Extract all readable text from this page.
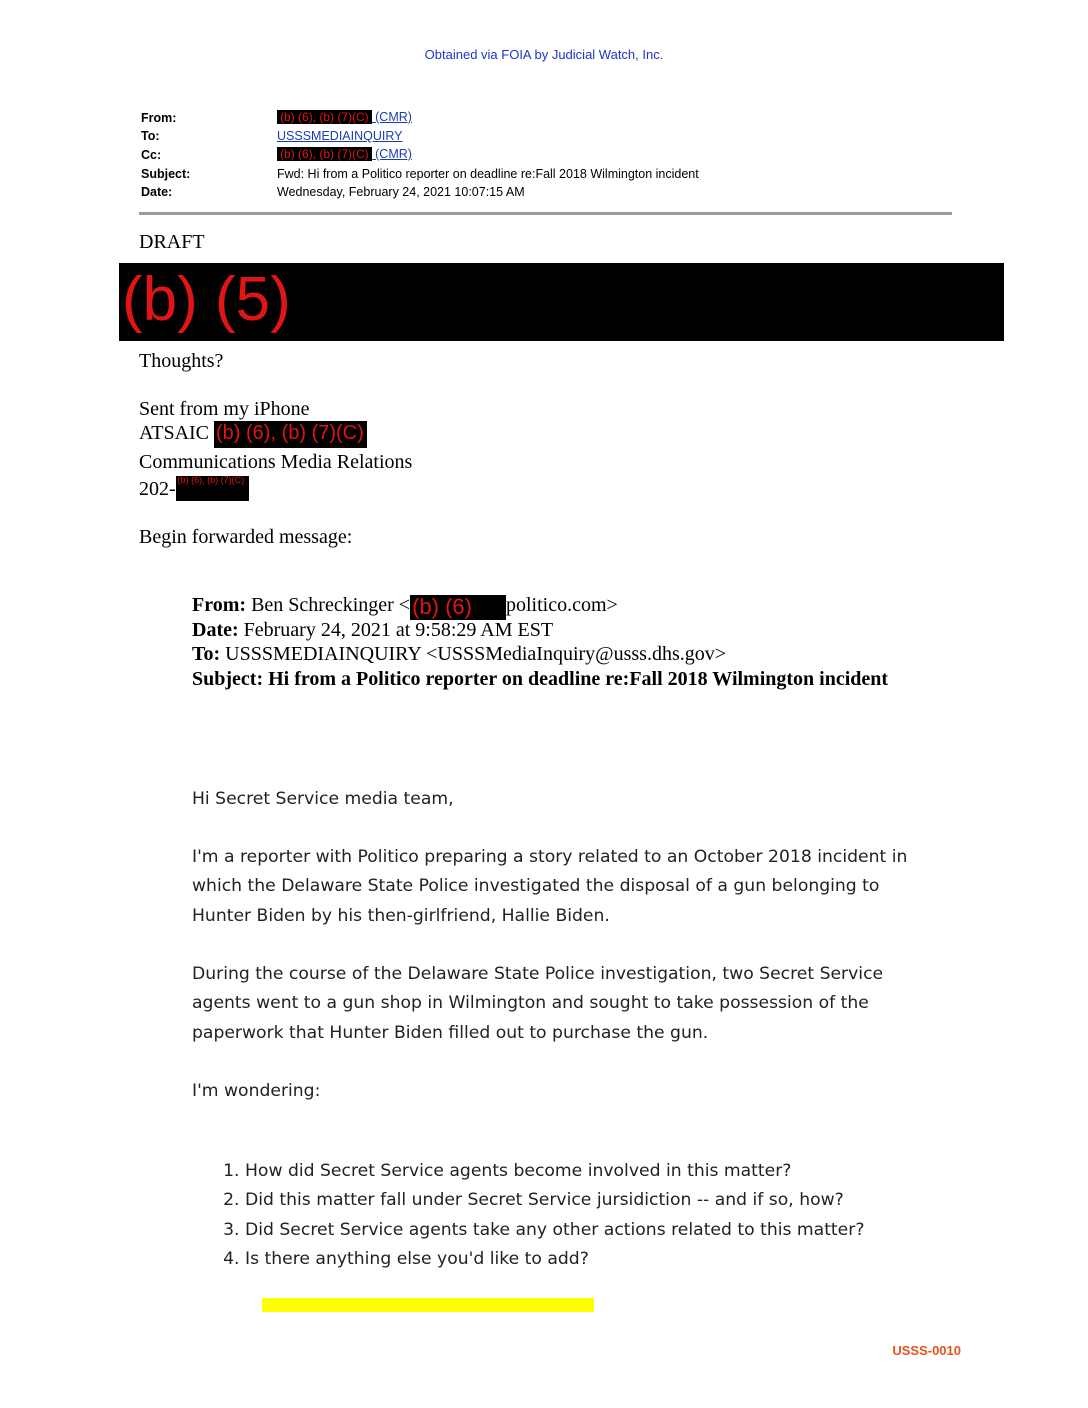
Obtained via FOIA by Judicial Watch, Inc.
From:	(b) (6), (b) (7)(C) (CMR)
To:	USSSMEDIAINQUIRY
Cc:	(b) (6), (b) (7)(C) (CMR)
Subject:	Fwd: Hi from a Politico reporter on deadline re:Fall 2018 Wilmington incident
Date:	Wednesday, February 24, 2021 10:07:15 AM
DRAFT
(b) (5)
Thoughts?
Sent from my iPhone
ATSAIC (b) (6), (b) (7)(C)
Communications Media Relations
202- (b) (6), (b) (7)(C)
Begin forwarded message:
From: Ben Schreckinger <(b) (6) politico.com>
Date: February 24, 2021 at 9:58:29 AM EST
To: USSSMEDIAINQUIRY <USSSMediaInquiry@usss.dhs.gov>
Subject: Hi from a Politico reporter on deadline re:Fall 2018 Wilmington incident
Hi Secret Service media team,
I'm a reporter with Politico preparing a story related to an October 2018 incident in which the Delaware State Police investigated the disposal of a gun belonging to Hunter Biden by his then-girlfriend, Hallie Biden.
During the course of the Delaware State Police investigation, two Secret Service agents went to a gun shop in Wilmington and sought to take possession of the paperwork that Hunter Biden filled out to purchase the gun.
I'm wondering:
1. How did Secret Service agents become involved in this matter?
2. Did this matter fall under Secret Service jursidiction -- and if so, how?
3. Did Secret Service agents take any other actions related to this matter?
4. Is there anything else you'd like to add?
USSS-0010
